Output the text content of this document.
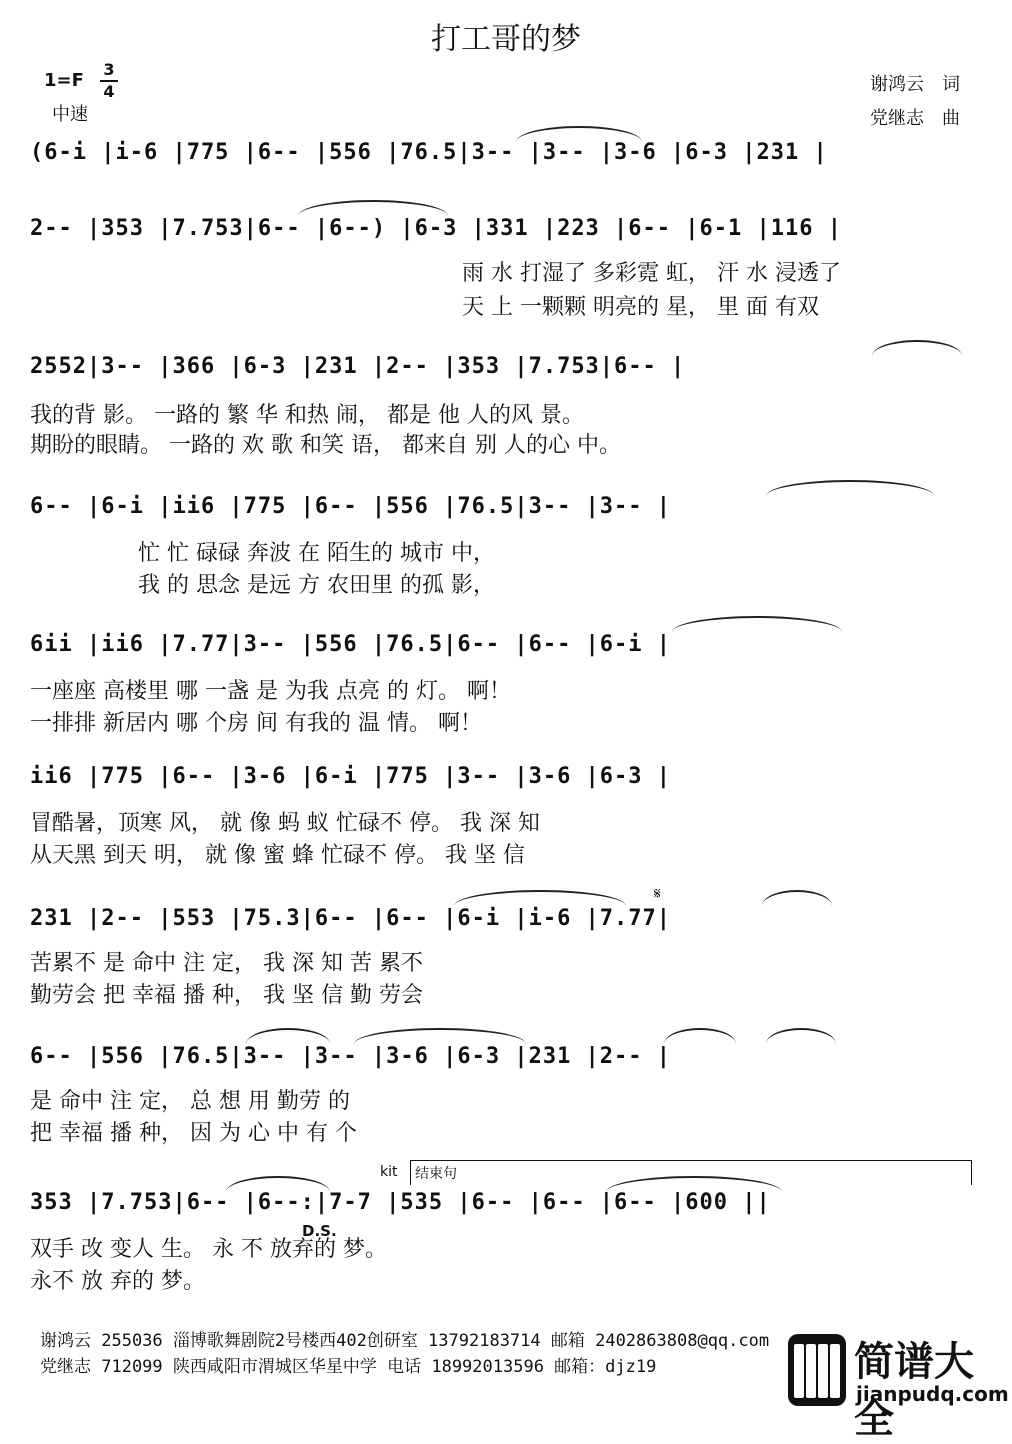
打工哥的梦
1=F
3
4
中速
谢鸿云　词
党继志　曲
(6-i |i-6 |775 |6-- |556 |76.5|3-- |3-- |3-6 |6-3 |231 |
2-- |353 |7.753|6-- |6--) |6-3 |331 |223 |6-- |6-1 |116 |
雨 水 打湿了 多彩霓 虹， 汗 水 浸透了
天 上 一颗颗 明亮的 星， 里 面 有双
2552|3-- |366 |6-3 |231 |2-- |353 |7.753|6-- |
我的背 影。 一路的 繁 华 和热 闹， 都是 他 人的风 景。
期盼的眼睛。 一路的 欢 歌 和笑 语， 都来自 别 人的心 中。
6-- |6-i |ii6 |775 |6-- |556 |76.5|3-- |3-- |
忙 忙 碌碌 奔波 在 陌生的 城市 中，
我 的 思念 是远 方 农田里 的孤 影，
6ii |ii6 |7.77|3-- |556 |76.5|6-- |6-- |6-i |
一座座 高楼里 哪 一盏 是 为我 点亮 的 灯。 啊！
一排排 新居内 哪 个房 间 有我的 温 情。 啊！
ii6 |775 |6-- |3-6 |6-i |775 |3-- |3-6 |6-3 |
冒酷暑，顶寒 风， 就 像 蚂 蚁 忙碌不 停。 我 深 知
从天黑 到天 明， 就 像 蜜 蜂 忙碌不 停。 我 坚 信
𝄋
231 |2-- |553 |75.3|6-- |6-- |6-i |i-6 |7.77|
苦累不 是 命中 注 定， 我 深 知 苦 累不
勤劳会 把 幸福 播 种， 我 坚 信 勤 劳会
6-- |556 |76.5|3-- |3-- |3-6 |6-3 |231 |2-- |
是 命中 注 定， 总 想 用 勤劳 的
把 幸福 播 种， 因 为 心 中 有 个
kit 结束句
353 |7.753|6-- |6--:|7-7 |535 |6-- |6-- |6-- |600 ||
D.S.
双手 改 变人 生。 永 不 放弃的 梦。
永不 放 弃的 梦。
谢鸿云 255036 淄博歌舞剧院2号楼西402创研室 13792183714 邮箱 2402863808@qq.com
党继志 712099 陕西咸阳市渭城区华星中学 电话 18992013596 邮箱：djz19	简谱大全
jianpudq.com
